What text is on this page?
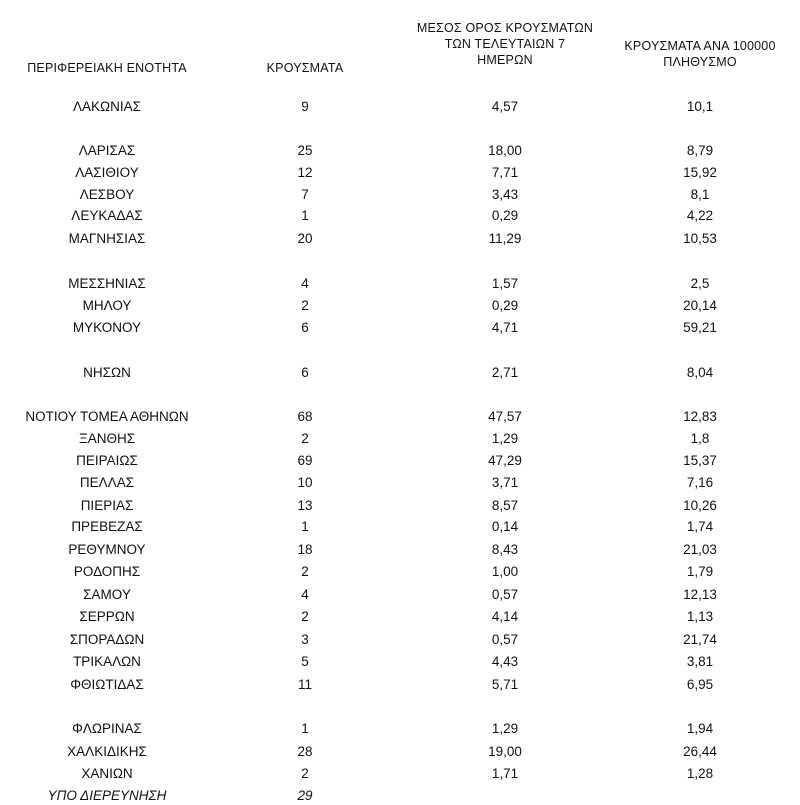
ΠΕΡΙΦΕΡΕΙΑΚΗ ΕΝΟΤΗΤΑ	ΚΡΟΥΣΜΑΤΑ
ΜΕΣΟΣ ΟΡΟΣ ΚΡΟΥΣΜΑΤΩΝ
ΤΩΝ ΤΕΛΕΥΤΑΙΩΝ 7
ΗΜΕΡΩΝ
ΚΡΟΥΣΜΑΤΑ ΑΝΑ 100000
ΠΛΗΘΥΣΜΟ
ΛΑΚΩΝΙΑΣ	9	4,57	10,1
ΛΑΡΙΣΑΣ	25	18,00	8,79
ΛΑΣΙΘΙΟΥ	12	7,71	15,92
ΛΕΣΒΟΥ	7	3,43	8,1
ΛΕΥΚΑΔΑΣ	1	0,29	4,22
ΜΑΓΝΗΣΙΑΣ	20	11,29	10,53
ΜΕΣΣΗΝΙΑΣ	4	1,57	2,5
ΜΗΛΟΥ	2	0,29	20,14
ΜΥΚΟΝΟΥ	6	4,71	59,21
ΝΗΣΩΝ	6	2,71	8,04
ΝΟΤΙΟΥ ΤΟΜΕΑ ΑΘΗΝΩΝ	68	47,57	12,83
ΞΑΝΘΗΣ	2	1,29	1,8
ΠΕΙΡΑΙΩΣ	69	47,29	15,37
ΠΕΛΛΑΣ	10	3,71	7,16
ΠΙΕΡΙΑΣ	13	8,57	10,26
ΠΡΕΒΕΖΑΣ	1	0,14	1,74
ΡΕΘΥΜΝΟΥ	18	8,43	21,03
ΡΟΔΟΠΗΣ	2	1,00	1,79
ΣΑΜΟΥ	4	0,57	12,13
ΣΕΡΡΩΝ	2	4,14	1,13
ΣΠΟΡΑΔΩΝ	3	0,57	21,74
ΤΡΙΚΑΛΩΝ	5	4,43	3,81
ΦΘΙΩΤΙΔΑΣ	11	5,71	6,95
ΦΛΩΡΙΝΑΣ	1	1,29	1,94
ΧΑΛΚΙΔΙΚΗΣ	28	19,00	26,44
ΧΑΝΙΩΝ	2	1,71	1,28
ΥΠΟ ΔΙΕΡΕΥΝΗΣΗ	29
